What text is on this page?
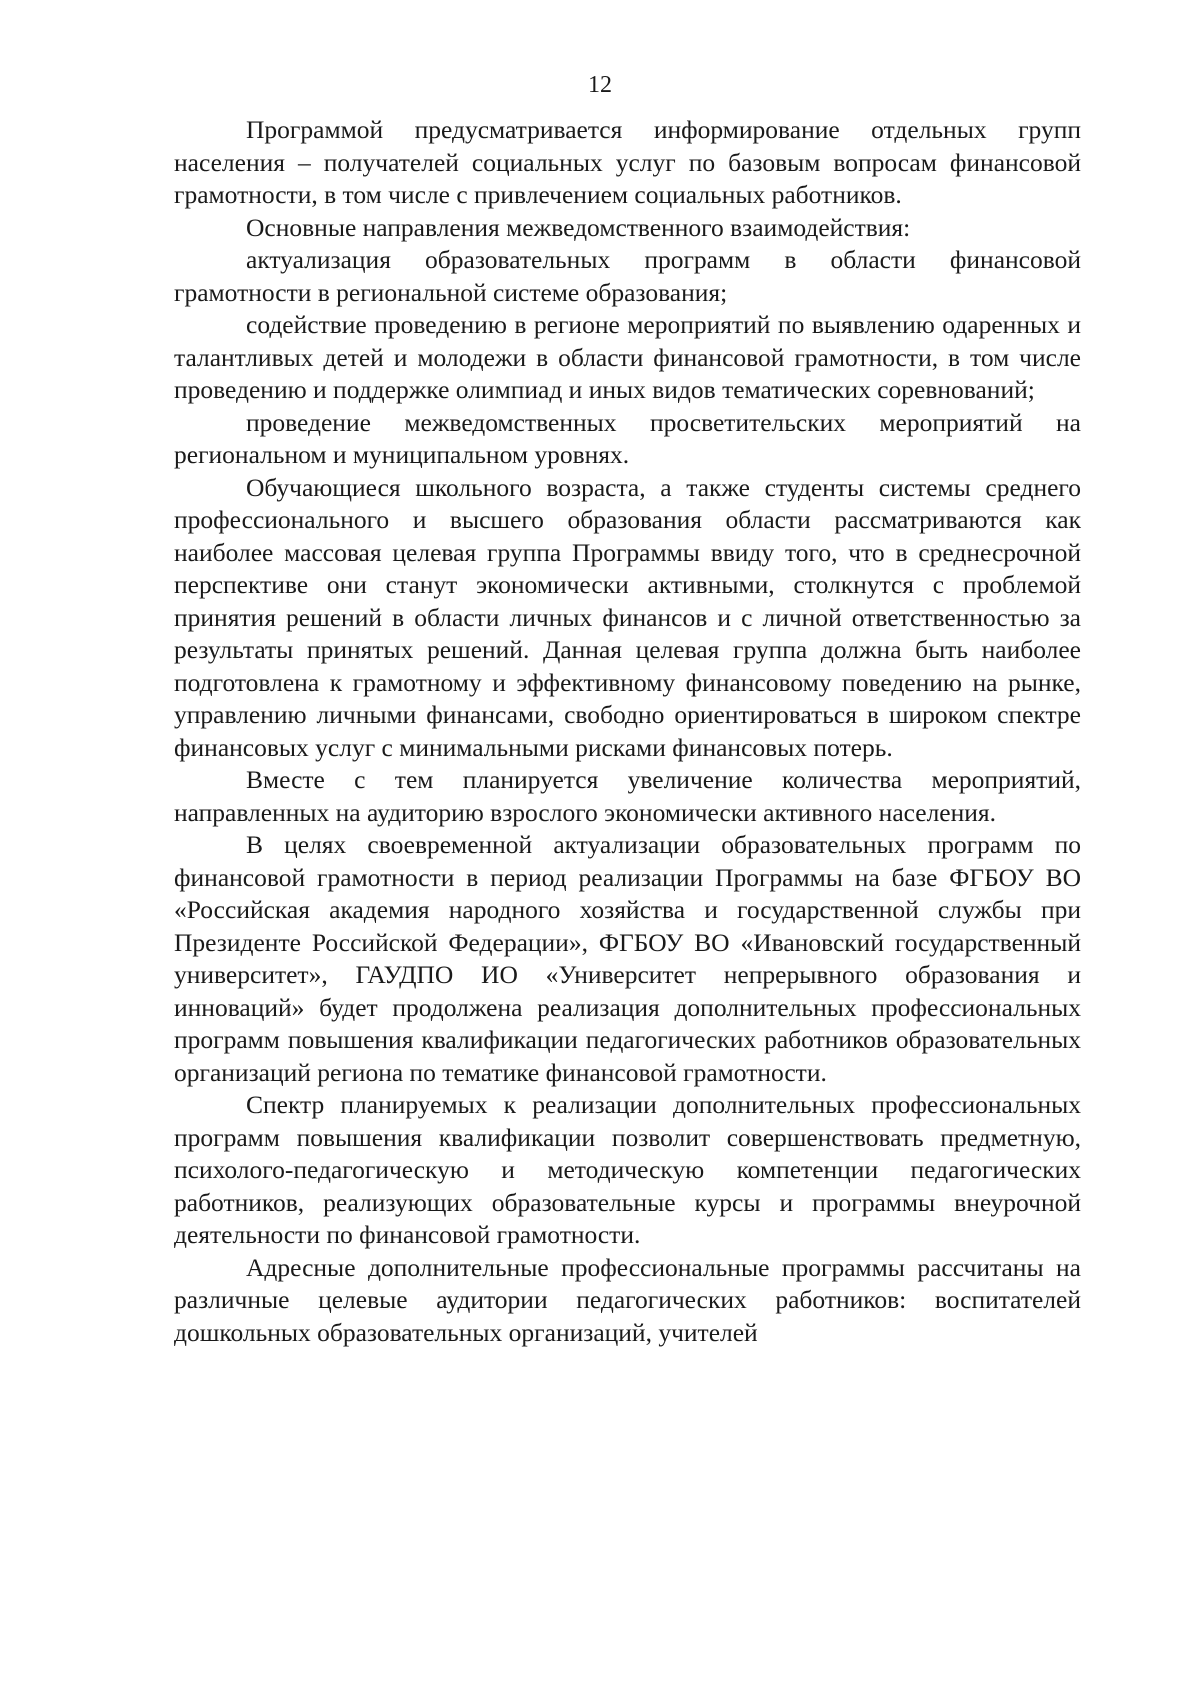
12

Программой предусматривается информирование отдельных групп населения – получателей социальных услуг по базовым вопросам финансовой грамотности, в том числе с привлечением социальных работников.

Основные направления межведомственного взаимодействия:

актуализация образовательных программ в области финансовой грамотности в региональной системе образования;

содействие проведению в регионе мероприятий по выявлению одаренных и талантливых детей и молодежи в области финансовой грамотности, в том числе проведению и поддержке олимпиад и иных видов тематических соревнований;

проведение межведомственных просветительских мероприятий на региональном и муниципальном уровнях.

Обучающиеся школьного возраста, а также студенты системы среднего профессионального и высшего образования области рассматриваются как наиболее массовая целевая группа Программы ввиду того, что в среднесрочной перспективе они станут экономически активными, столкнутся с проблемой принятия решений в области личных финансов и с личной ответственностью за результаты принятых решений. Данная целевая группа должна быть наиболее подготовлена к грамотному и эффективному финансовому поведению на рынке, управлению личными финансами, свободно ориентироваться в широком спектре финансовых услуг с минимальными рисками финансовых потерь.

Вместе с тем планируется увеличение количества мероприятий, направленных на аудиторию взрослого экономически активного населения.

В целях своевременной актуализации образовательных программ по финансовой грамотности в период реализации Программы на базе ФГБОУ ВО «Российская академия народного хозяйства и государственной службы при Президенте Российской Федерации», ФГБОУ ВО «Ивановский государственный университет», ГАУДПО ИО «Университет непрерывного образования и инноваций» будет продолжена реализация дополнительных профессиональных программ повышения квалификации педагогических работников образовательных организаций региона по тематике финансовой грамотности.

Спектр планируемых к реализации дополнительных профессиональных программ повышения квалификации позволит совершенствовать предметную, психолого-педагогическую и методическую компетенции педагогических работников, реализующих образовательные курсы и программы внеурочной деятельности по финансовой грамотности.

Адресные дополнительные профессиональные программы рассчитаны на различные целевые аудитории педагогических работников: воспитателей дошкольных образовательных организаций, учителей
